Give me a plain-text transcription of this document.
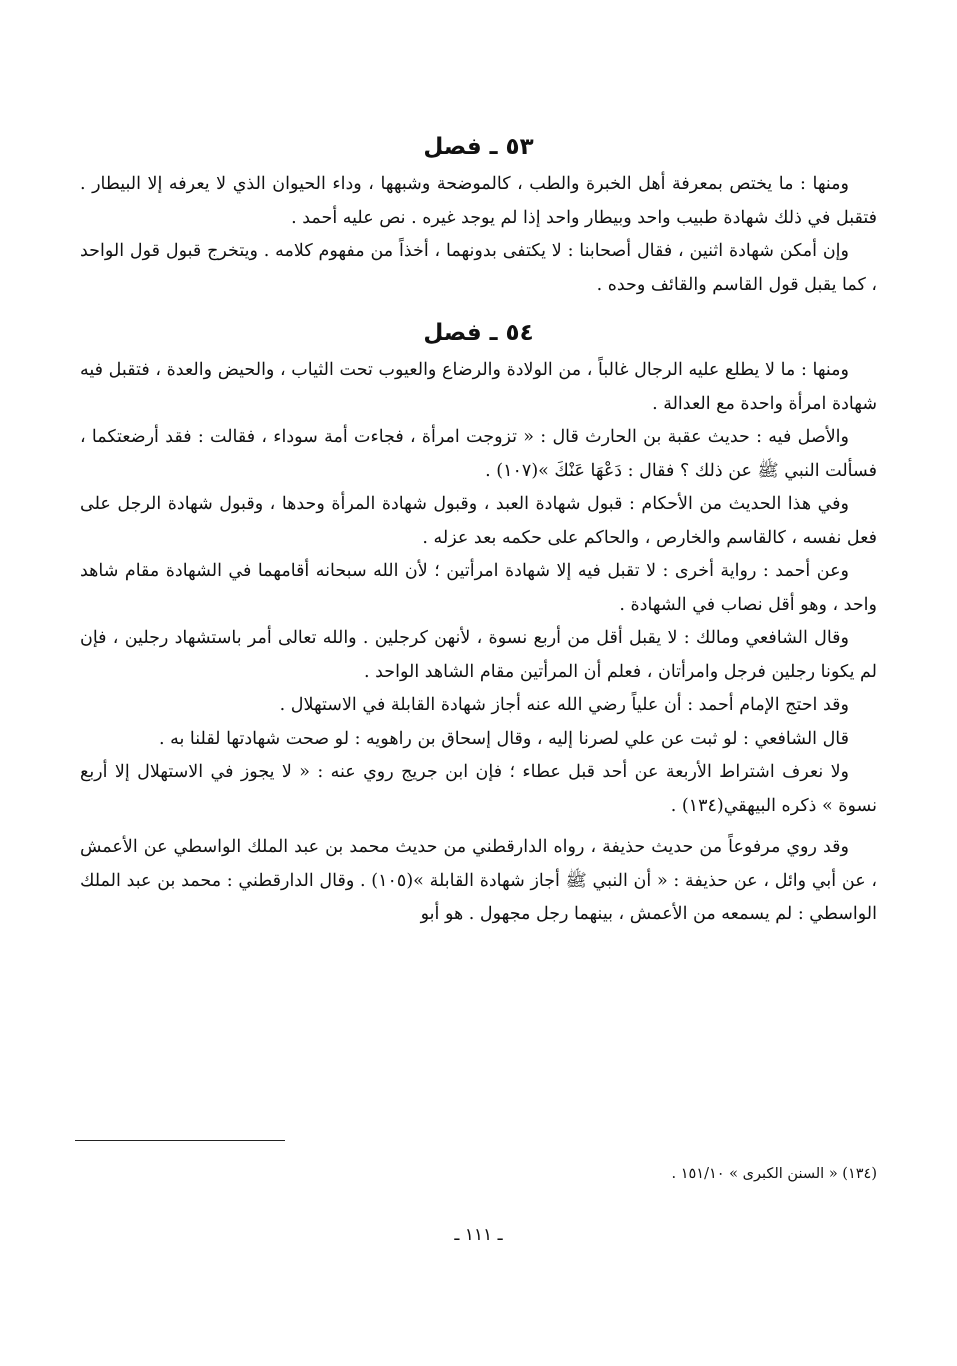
٥٣ ـ فصل

ومنها : ما يختص بمعرفة أهل الخبرة والطب ، كالموضحة وشبهها ، وداء الحيوان الذي لا يعرفه إلا البيطار . فتقبل في ذلك شهادة طبيب واحد وبيطار واحد إذا لم يوجد غيره . نص عليه أحمد .

وإن أمكن شهادة اثنين ، فقال أصحابنا : لا يكتفى بدونهما ، أخذاً من مفهوم كلامه . ويتخرج قبول قول الواحد ، كما يقبل قول القاسم والقائف وحده .

٥٤ ـ فصل

ومنها : ما لا يطلع عليه الرجال غالباً ، من الولادة والرضاع والعيوب تحت الثياب ، والحيض والعدة ، فتقبل فيه شهادة امرأة واحدة مع العدالة .

والأصل فيه : حديث عقبة بن الحارث قال : « تزوجت امرأة ، فجاءت أمة سوداء ، فقالت : فقد أرضعتكما ، فسألت النبي ﷺ عن ذلك ؟ فقال : دَعْهَا عَنْكَ »(١٠٧) .

وفي هذا الحديث من الأحكام : قبول شهادة العبد ، وقبول شهادة المرأة وحدها ، وقبول شهادة الرجل على فعل نفسه ، كالقاسم والخارص ، والحاكم على حكمه بعد عزله .

وعن أحمد : رواية أخرى : لا تقبل فيه إلا شهادة امرأتين ؛ لأن الله سبحانه أقامهما في الشهادة مقام شاهد واحد ، وهو أقل نصاب في الشهادة .

وقال الشافعي ومالك : لا يقبل أقل من أربع نسوة ، لأنهن كرجلين . والله تعالى أمر باستشهاد رجلين ، فإن لم يكونا رجلين فرجل وامرأتان ، فعلم أن المرأتين مقام الشاهد الواحد .

وقد احتج الإمام أحمد : أن علياً رضي الله عنه أجاز شهادة القابلة في الاستهلال .

قال الشافعي : لو ثبت عن علي لصرنا إليه ، وقال إسحاق بن راهويه : لو صحت شهادتها لقلنا به .

ولا نعرف اشتراط الأربعة عن أحد قبل عطاء ؛ فإن ابن جريج روي عنه : « لا يجوز في الاستهلال إلا أربع نسوة » ذكره البيهقي(١٣٤) .

وقد روي مرفوعاً من حديث حذيفة ، رواه الدارقطني من حديث محمد بن عبد الملك الواسطي عن الأعمش ، عن أبي وائل ، عن حذيفة : « أن النبي ﷺ أجاز شهادة القابلة »(١٠٥) . وقال الدارقطني : محمد بن عبد الملك الواسطي : لم يسمعه من الأعمش ، بينهما رجل مجهول . هو أبو

(١٣٤) « السنن الكبرى » ١٥١/١٠ .

ـ ١١١ ـ
